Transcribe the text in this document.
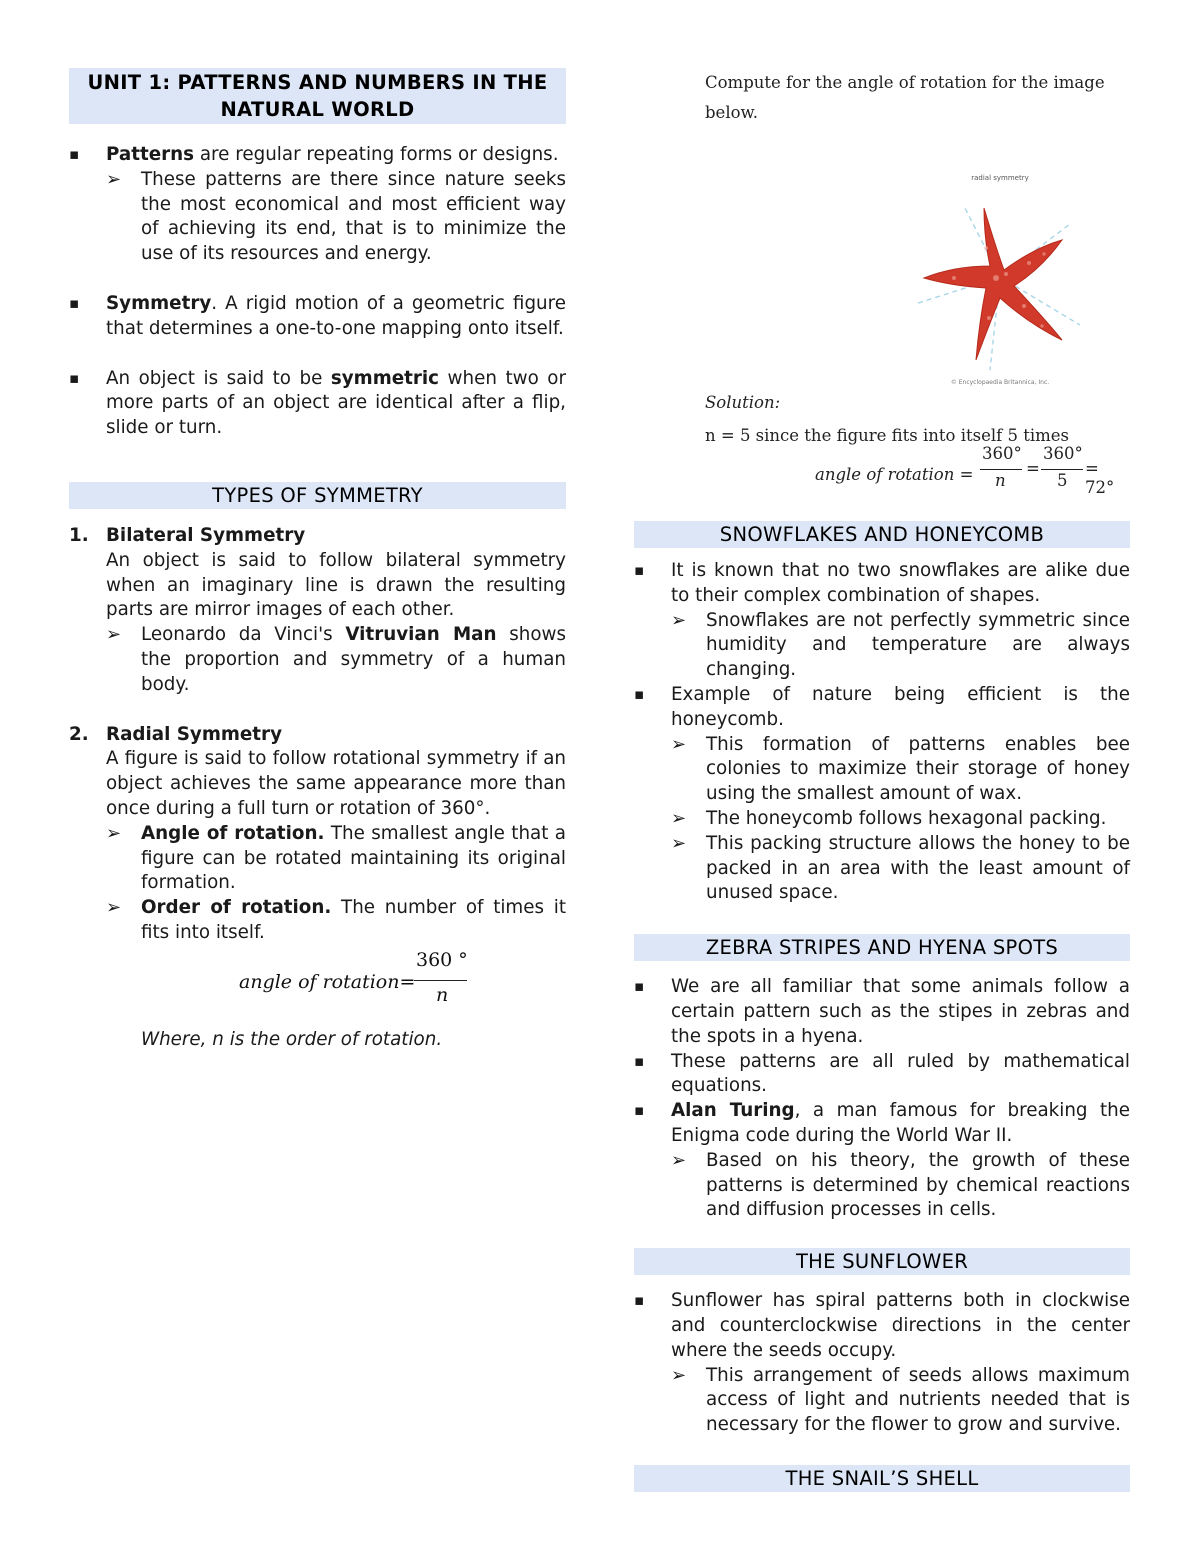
UNIT 1: PATTERNS AND NUMBERS IN THE NATURAL WORLD
▪ Patterns are regular repeating forms or designs.
➢ These patterns are there since nature seeks the most economical and most efficient way of achieving its end, that is to minimize the use of its resources and energy.
▪ Symmetry. A rigid motion of a geometric figure that determines a one-to-one mapping onto itself.
▪ An object is said to be symmetric when two or more parts of an object are identical after a flip, slide or turn.
TYPES OF SYMMETRY
1. Bilateral Symmetry
An object is said to follow bilateral symmetry when an imaginary line is drawn the resulting parts are mirror images of each other.
➢ Leonardo da Vinci's Vitruvian Man shows the proportion and symmetry of a human body.
2. Radial Symmetry
A figure is said to follow rotational symmetry if an object achieves the same appearance more than once during a full turn or rotation of 360°.
➢ Angle of rotation. The smallest angle that a figure can be rotated maintaining its original formation.
➢ Order of rotation. The number of times it fits into itself.
angle of rotation=
360 °
n
Where, n is the order of rotation.
Compute for the angle of rotation for the image below.
radial symmetry
© Encyclopaedia Britannica, Inc.
Solution:
n = 5 since the figure fits into itself 5 times
angle of rotation =
360°
n
=
360°
5
= 72°
SNOWFLAKES AND HONEYCOMB
▪ It is known that no two snowflakes are alike due to their complex combination of shapes.
➢ Snowflakes are not perfectly symmetric since humidity and temperature are always changing.
▪ Example of nature being efficient is the honeycomb.
➢ This formation of patterns enables bee colonies to maximize their storage of honey using the smallest amount of wax.
➢ The honeycomb follows hexagonal packing.
➢ This packing structure allows the honey to be packed in an area with the least amount of unused space.
ZEBRA STRIPES AND HYENA SPOTS
▪ We are all familiar that some animals follow a certain pattern such as the stipes in zebras and the spots in a hyena.
▪ These patterns are all ruled by mathematical equations.
▪ Alan Turing, a man famous for breaking the Enigma code during the World War II.
➢ Based on his theory, the growth of these patterns is determined by chemical reactions and diffusion processes in cells.
THE SUNFLOWER
▪ Sunflower has spiral patterns both in clockwise and counterclockwise directions in the center where the seeds occupy.
➢ This arrangement of seeds allows maximum access of light and nutrients needed that is necessary for the flower to grow and survive.
THE SNAIL’S SHELL
